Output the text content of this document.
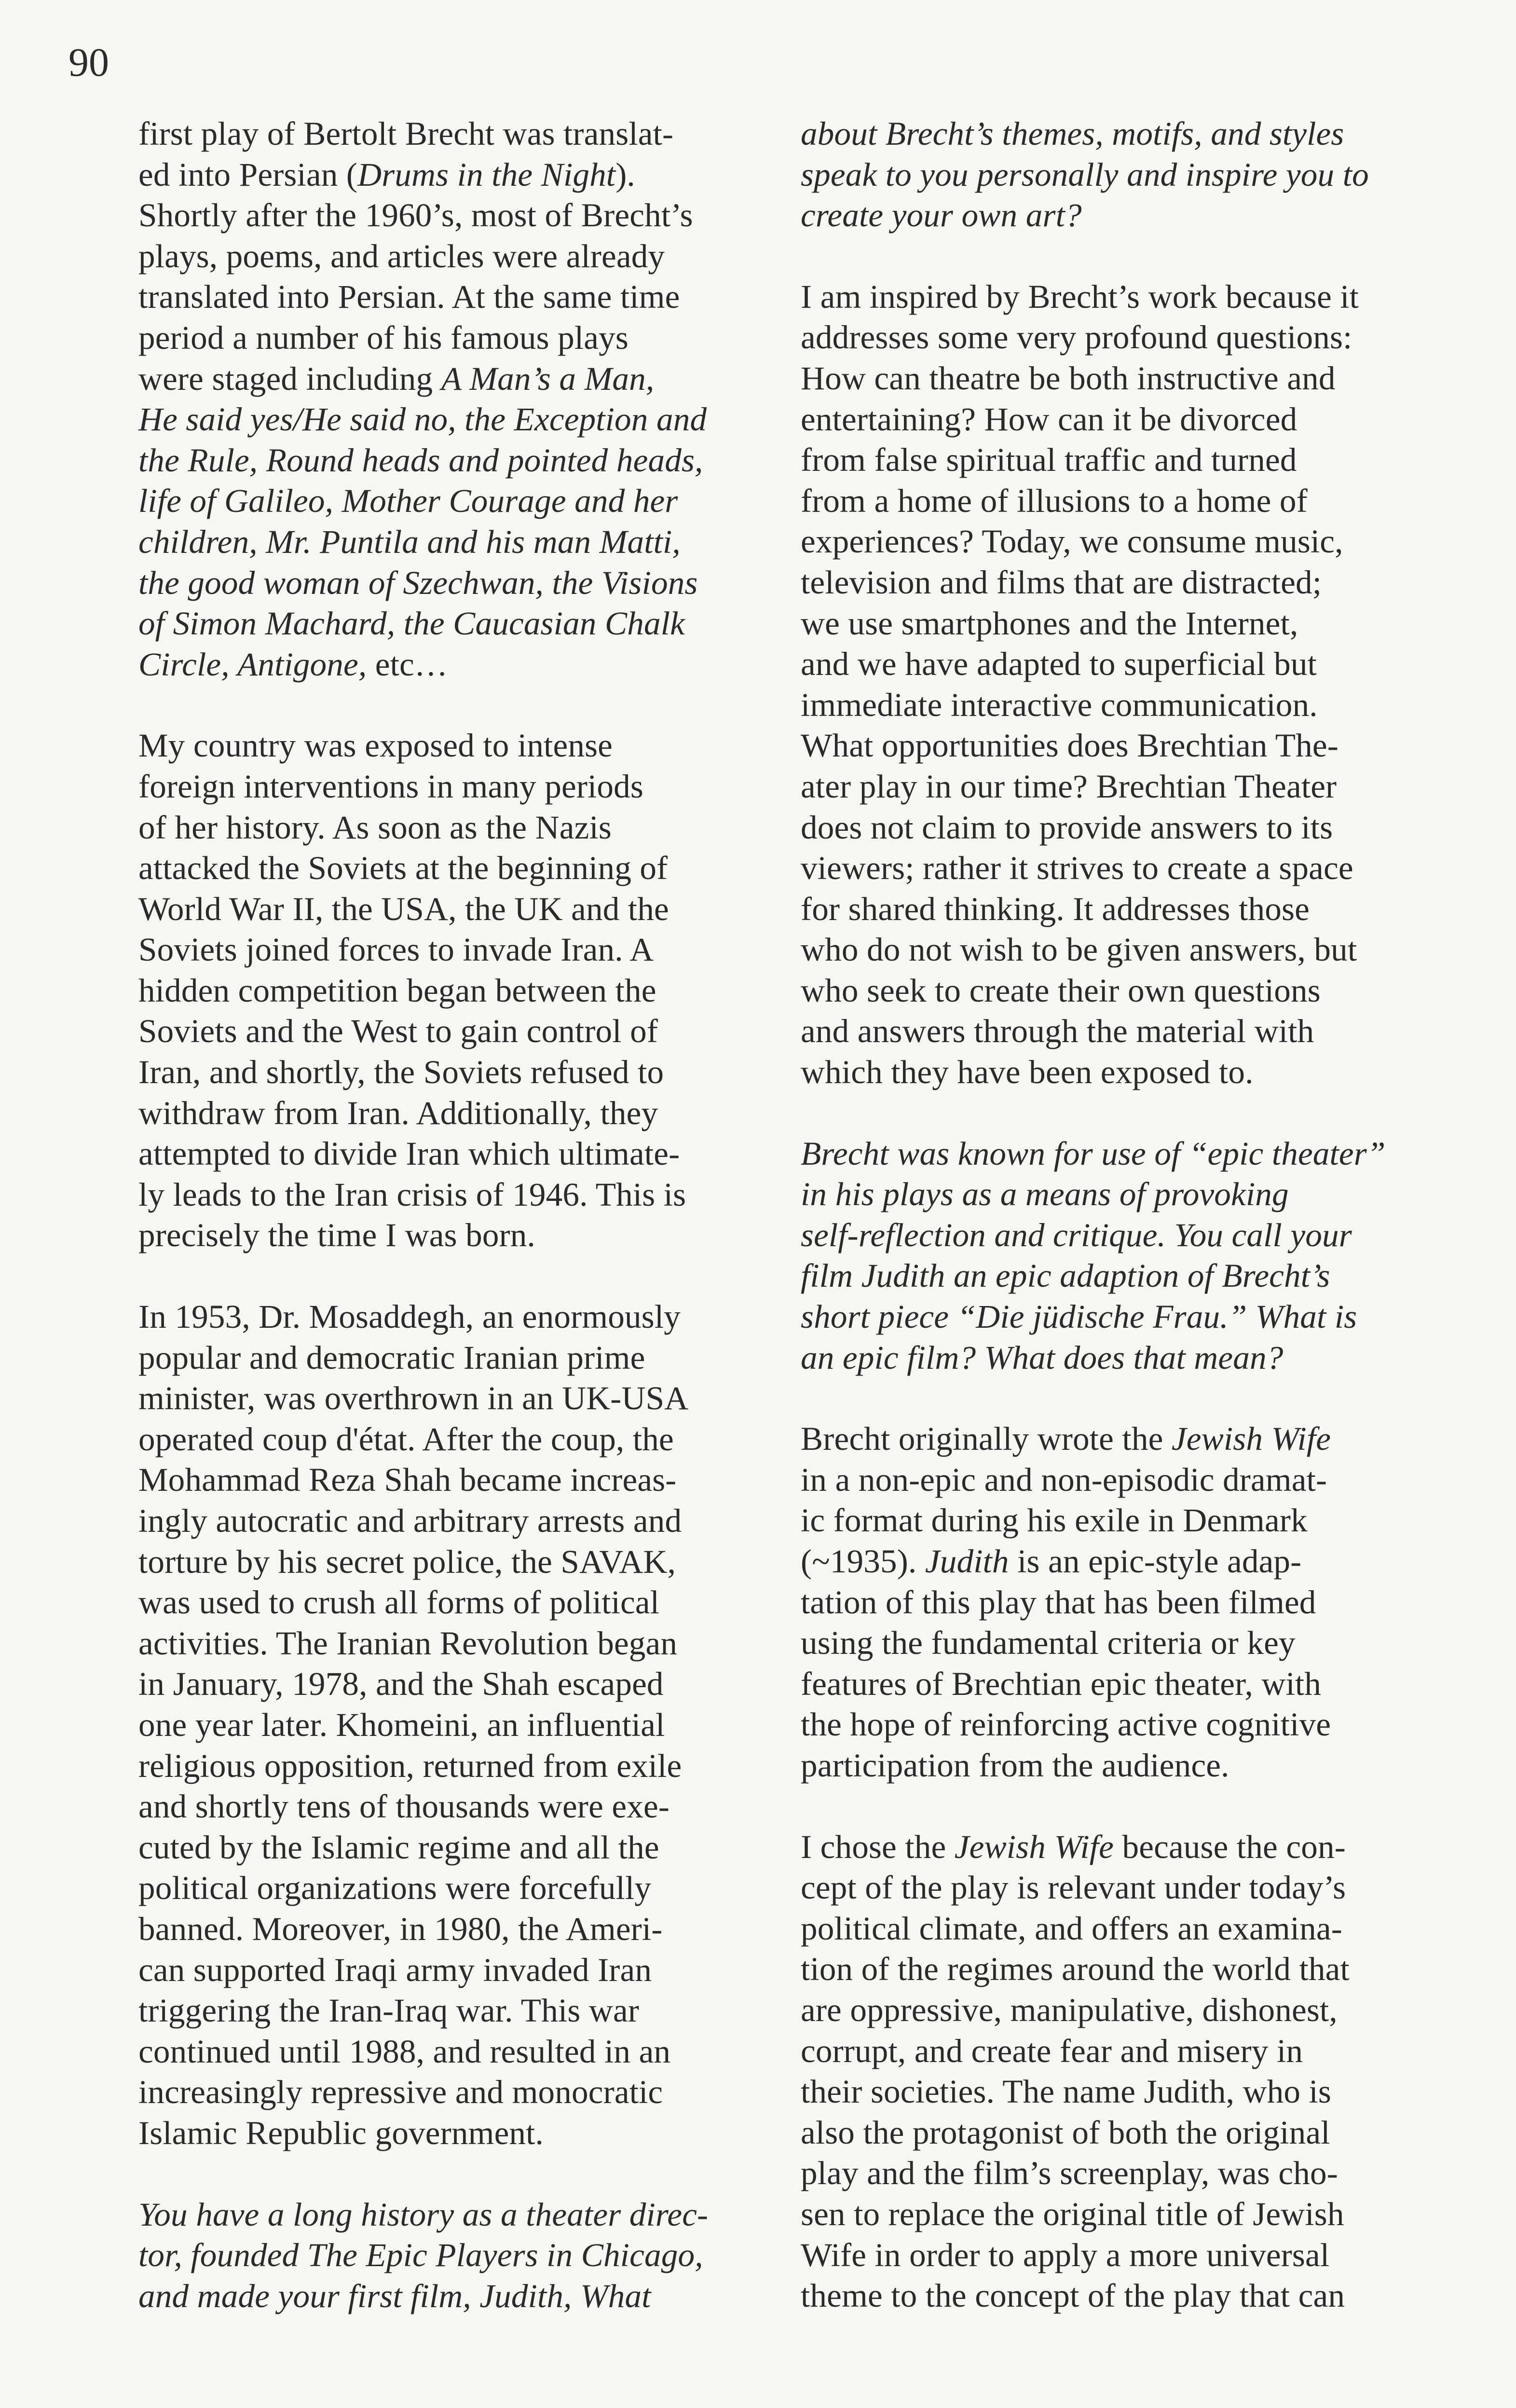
90
first play of Bertolt Brecht was translat-
ed into Persian (Drums in the Night).
Shortly after the 1960’s, most of Brecht’s
plays, poems, and articles were already
translated into Persian. At the same time
period a number of his famous plays
were staged including A Man’s a Man,
He said yes/He said no, the Exception and
the Rule, Round heads and pointed heads,
life of Galileo, Mother Courage and her
children, Mr. Puntila and his man Matti,
the good woman of Szechwan, the Visions
of Simon Machard, the Caucasian Chalk
Circle, Antigone, etc…
My country was exposed to intense
foreign interventions in many periods
of her history. As soon as the Nazis
attacked the Soviets at the beginning of
World War II, the USA, the UK and the
Soviets joined forces to invade Iran. A
hidden competition began between the
Soviets and the West to gain control of
Iran, and shortly, the Soviets refused to
withdraw from Iran. Additionally, they
attempted to divide Iran which ultimate-
ly leads to the Iran crisis of 1946. This is
precisely the time I was born.
In 1953, Dr. Mosaddegh, an enormously
popular and democratic Iranian prime
minister, was overthrown in an UK-USA
operated coup d'état. After the coup, the
Mohammad Reza Shah became increas-
ingly autocratic and arbitrary arrests and
torture by his secret police, the SAVAK,
was used to crush all forms of political
activities. The Iranian Revolution began
in January, 1978, and the Shah escaped
one year later. Khomeini, an influential
religious opposition, returned from exile
and shortly tens of thousands were exe-
cuted by the Islamic regime and all the
political organizations were forcefully
banned. Moreover, in 1980, the Ameri-
can supported Iraqi army invaded Iran
triggering the Iran-Iraq war. This war
continued until 1988, and resulted in an
increasingly repressive and monocratic
Islamic Republic government.
You have a long history as a theater direc-
tor, founded The Epic Players in Chicago,
and made your first film, Judith, What
about Brecht’s themes, motifs, and styles
speak to you personally and inspire you to
create your own art?
I am inspired by Brecht’s work because it
addresses some very profound questions:
How can theatre be both instructive and
entertaining? How can it be divorced
from false spiritual traffic and turned
from a home of illusions to a home of
experiences? Today, we consume music,
television and films that are distracted;
we use smartphones and the Internet,
and we have adapted to superficial but
immediate interactive communication.
What opportunities does Brechtian The-
ater play in our time? Brechtian Theater
does not claim to provide answers to its
viewers; rather it strives to create a space
for shared thinking. It addresses those
who do not wish to be given answers, but
who seek to create their own questions
and answers through the material with
which they have been exposed to.
Brecht was known for use of “epic theater”
in his plays as a means of provoking
self-reflection and critique. You call your
film Judith an epic adaption of Brecht’s
short piece “Die jüdische Frau.” What is
an epic film? What does that mean?
Brecht originally wrote the Jewish Wife
in a non-epic and non-episodic dramat-
ic format during his exile in Denmark
(~1935). Judith is an epic-style adap-
tation of this play that has been filmed
using the fundamental criteria or key
features of Brechtian epic theater, with
the hope of reinforcing active cognitive
participation from the audience.
I chose the Jewish Wife because the con-
cept of the play is relevant under today’s
political climate, and offers an examina-
tion of the regimes around the world that
are oppressive, manipulative, dishonest,
corrupt, and create fear and misery in
their societies. The name Judith, who is
also the protagonist of both the original
play and the film’s screenplay, was cho-
sen to replace the original title of Jewish
Wife in order to apply a more universal
theme to the concept of the play that can
